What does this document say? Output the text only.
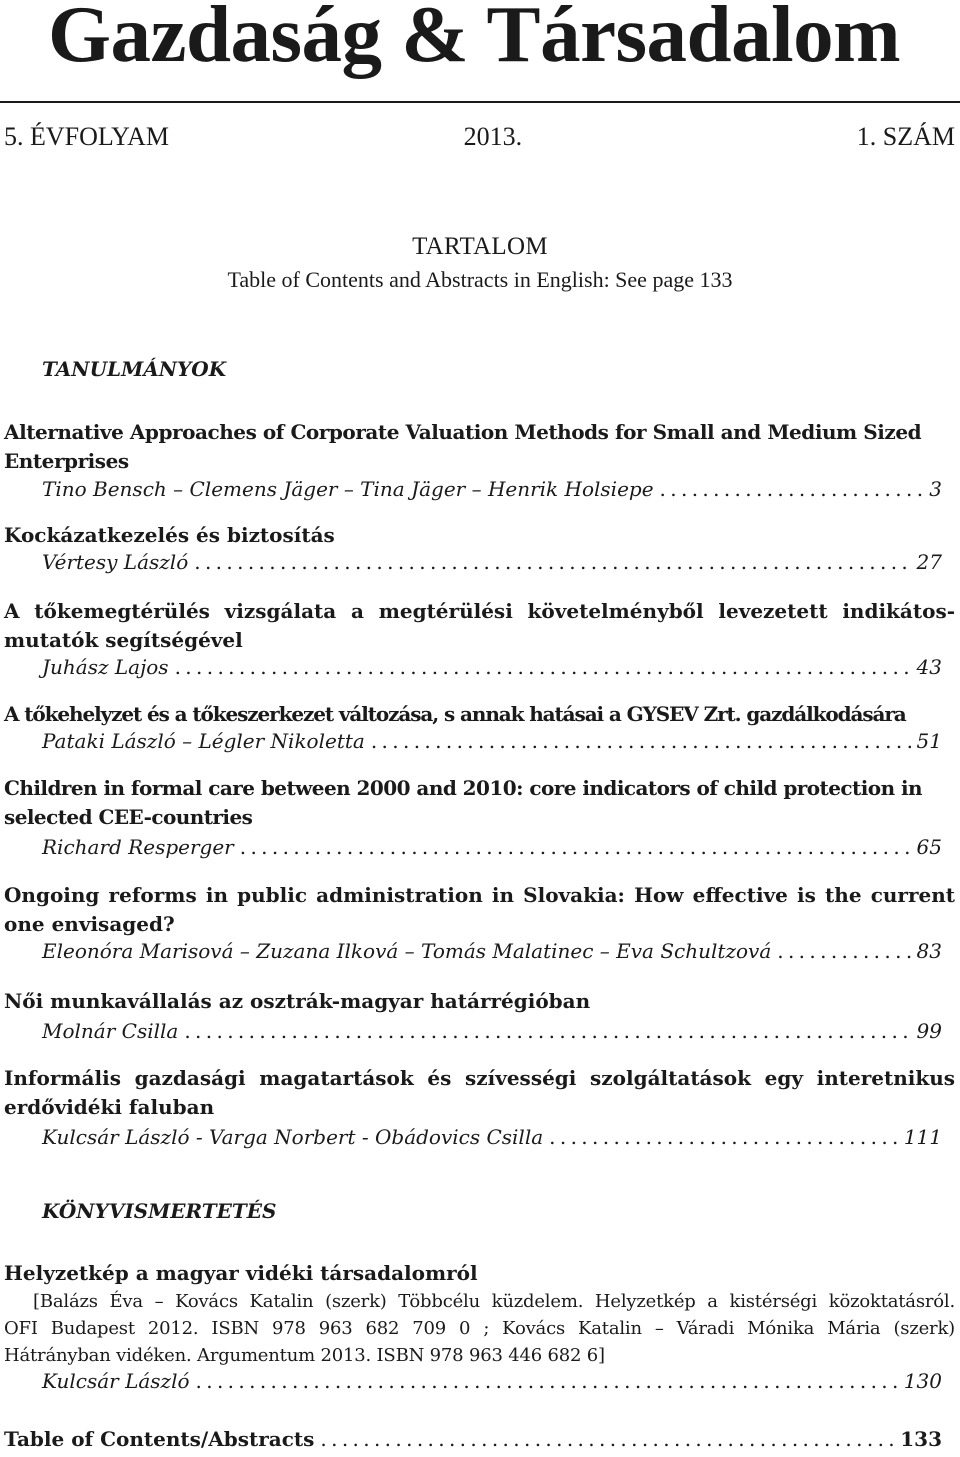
Gazdaság & Társadalom
5. ÉVFOLYAM	2013.	1. SZÁM
TARTALOM
Table of Contents and Abstracts in English: See page 133
TANULMÁNYOK
Alternative Approaches of Corporate Valuation Methods for Small and Medium Sized
Enterprises
Tino Bensch – Clemens Jäger – Tina Jäger – Henrik Holsiepe . . .	3
Kockázatkezelés és biztosítás
Vértesy László . . .	27
A tőkemegtérülés vizsgálata a megtérülési követelményből levezetett indikátos-
mutatók segítségével
Juhász Lajos . . .	43
A tőkehelyzet és a tőkeszerkezet változása, s annak hatásai a GYSEV Zrt. gazdálkodására
Pataki László – Légler Nikoletta . . .	51
Children in formal care between 2000 and 2010: core indicators of child protection in
selected CEE-countries
Richard Resperger . . .	65
Ongoing reforms in public administration in Slovakia: How effective is the current
one envisaged?
Eleonóra Marisová – Zuzana Ilková – Tomás Malatinec – Eva Schultzová . . .	83
Női munkavállalás az osztrák-magyar határrégióban
Molnár Csilla . . .	99
Informális gazdasági magatartások és szívességi szolgáltatások egy interetnikus
erdővidéki faluban
Kulcsár László - Varga Norbert - Obádovics Csilla . . .	111
KÖNYVISMERTETÉS
Helyzetkép a magyar vidéki társadalomról
[Balázs Éva – Kovács Katalin (szerk) Többcélu küzdelem. Helyzetkép a kistérségi közoktatásról.
OFI Budapest 2012. ISBN 978 963 682 709 0 ; Kovács Katalin – Váradi Mónika Mária (szerk)
Hátrányban vidéken. Argumentum 2013. ISBN 978 963 446 682 6]
Kulcsár László . . .	130
Table of Contents/Abstracts . . .	133
